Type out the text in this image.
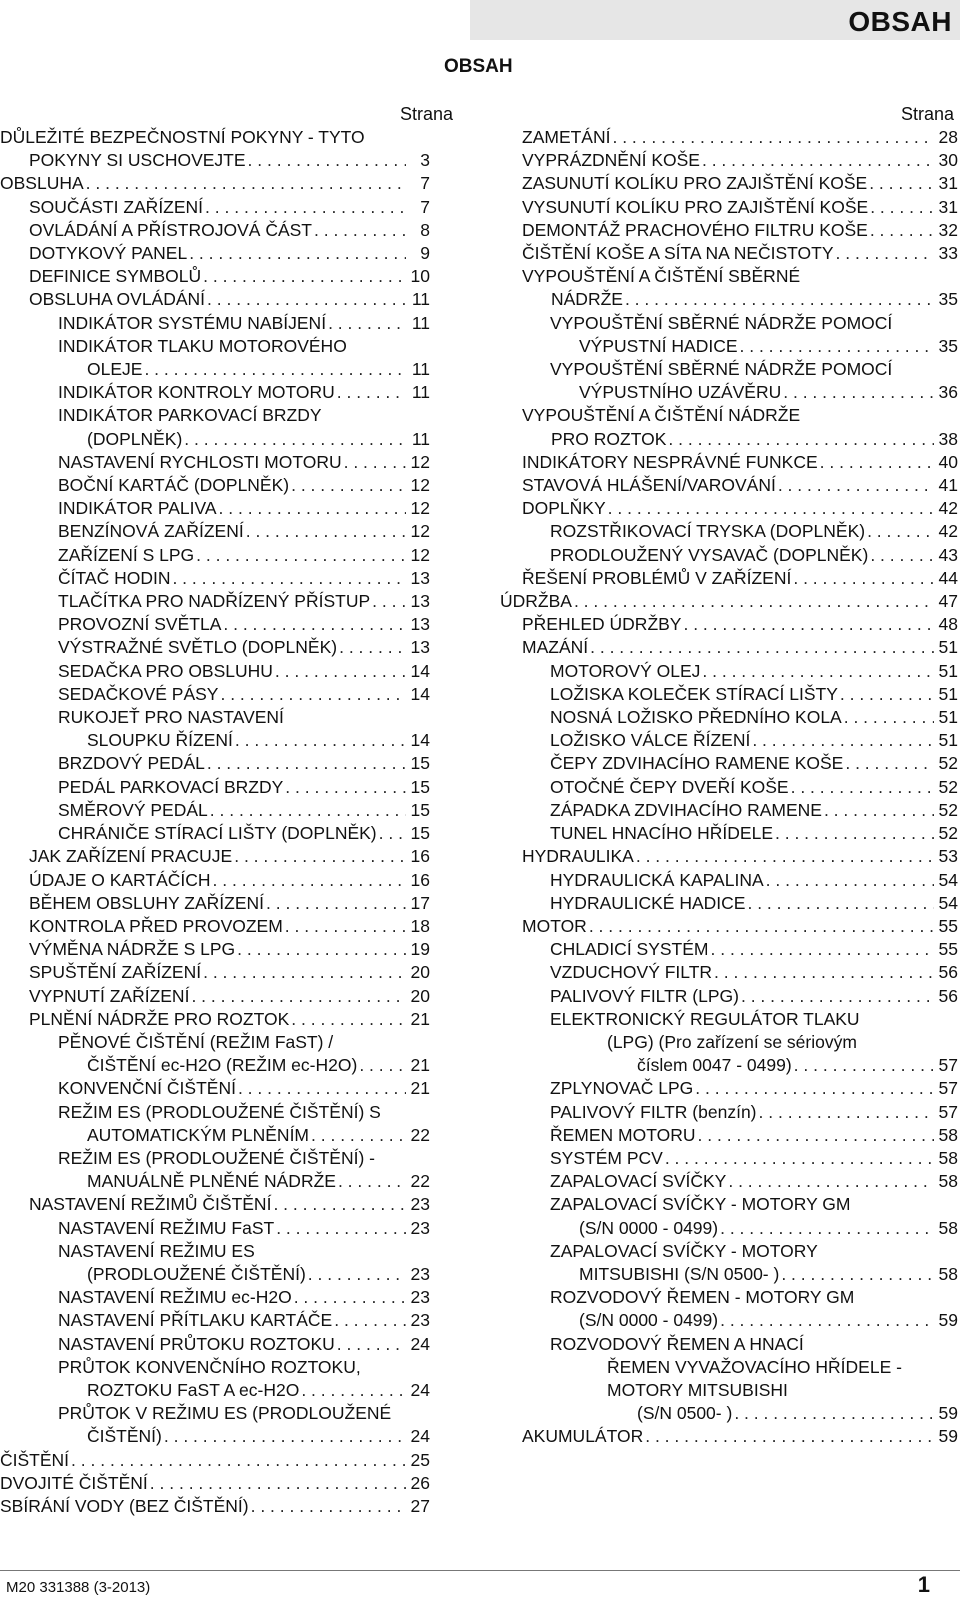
OBSAH
OBSAH
Strana
DŮLEŽITÉ BEZPEČNOSTNÍ POKYNY - TYTO
POKYNY SI USCHOVEJTE . . .	3
OBSLUHA . . .	7
SOUČÁSTI ZAŘÍZENÍ . . .	7
OVLÁDÁNÍ A PŘÍSTROJOVÁ ČÁST . . .	8
DOTYKOVÝ PANEL . . .	9
DEFINICE SYMBOLŮ . . .	10
OBSLUHA OVLÁDÁNÍ . . .	11
INDIKÁTOR SYSTÉMU NABÍJENÍ . . .	11
INDIKÁTOR TLAKU MOTOROVÉHO
OLEJE . . .	11
INDIKÁTOR KONTROLY MOTORU . . .	11
INDIKÁTOR PARKOVACÍ BRZDY
(DOPLNĚK) . . .	11
NASTAVENÍ RYCHLOSTI MOTORU . . .	12
BOČNÍ KARTÁČ (DOPLNĚK) . . .	12
INDIKÁTOR PALIVA . . .	12
BENZÍNOVÁ ZAŘÍZENÍ . . .	12
ZAŘÍZENÍ S LPG . . .	12
ČÍTAČ HODIN . . .	13
TLAČÍTKA PRO NADŘÍZENÝ PŘÍSTUP . . . 13
PROVOZNÍ SVĚTLA . . .	13
VÝSTRAŽNÉ SVĚTLO (DOPLNĚK) . . .	13
SEDAČKA PRO OBSLUHU . . .	14
SEDAČKOVÉ PÁSY . . .	14
RUKOJEŤ PRO NASTAVENÍ
SLOUPKU ŘÍZENÍ . . .	14
BRZDOVÝ PEDÁL . . .	15
PEDÁL PARKOVACÍ BRZDY . . .	15
SMĚROVÝ PEDÁL . . .	15
CHRÁNIČE STÍRACÍ LIŠTY (DOPLNĚK) . . . 15
JAK ZAŘÍZENÍ PRACUJE . . .	16
ÚDAJE O KARTÁČÍCH . . .	16
BĚHEM OBSLUHY ZAŘÍZENÍ . . .	17
KONTROLA PŘED PROVOZEM . . .	18
VÝMĚNA NÁDRŽE S LPG . . .	19
SPUŠTĚNÍ ZAŘÍZENÍ . . .	20
VYPNUTÍ ZAŘÍZENÍ . . .	20
PLNĚNÍ NÁDRŽE PRO ROZTOK . . .	21
PĚNOVÉ ČIŠTĚNÍ (REŽIM FaST) /
ČIŠTĚNÍ ec-H2O (REŽIM ec-H2O) . . .	21
KONVENČNÍ ČIŠTĚNÍ . . .	21
REŽIM ES (PRODLOUŽENÉ ČIŠTĚNÍ) S
AUTOMATICKÝM PLNĚNÍM . . .	22
REŽIM ES (PRODLOUŽENÉ ČIŠTĚNÍ) -
MANUÁLNĚ PLNĚNÉ NÁDRŽE . . .	22
NASTAVENÍ REŽIMŮ ČIŠTĚNÍ . . .	23
NASTAVENÍ REŽIMU FaST . . .	23
NASTAVENÍ REŽIMU ES
(PRODLOUŽENÉ ČIŠTĚNÍ) . . .	23
NASTAVENÍ REŽIMU ec-H2O . . .	23
NASTAVENÍ PŘÍTLAKU KARTÁČE . . .	23
NASTAVENÍ PRŮTOKU ROZTOKU . . .	24
PRŮTOK KONVENČNÍHO ROZTOKU,
ROZTOKU FaST A ec-H2O . . .	24
PRŮTOK V REŽIMU ES (PRODLOUŽENÉ
ČIŠTĚNÍ) . . .	24
ČIŠTĚNÍ . . .	25
DVOJITÉ ČIŠTĚNÍ . . .	26
SBÍRÁNÍ VODY (BEZ ČIŠTĚNÍ) . . .	27
Strana
ZAMETÁNÍ . . .	28
VYPRÁZDNĚNÍ KOŠE . . .	30
ZASUNUTÍ KOLÍKU PRO ZAJIŠTĚNÍ KOŠE . . .	31
VYSUNUTÍ KOLÍKU PRO ZAJIŠTĚNÍ KOŠE . . .	31
DEMONTÁŽ PRACHOVÉHO FILTRU KOŠE . . .	32
ČIŠTĚNÍ KOŠE A SÍTA NA NEČISTOTY . . .	33
VYPOUŠTĚNÍ A ČIŠTĚNÍ SBĚRNÉ
NÁDRŽE . . .	35
VYPOUŠTĚNÍ SBĚRNÉ NÁDRŽE POMOCÍ
VÝPUSTNÍ HADICE . . .	35
VYPOUŠTĚNÍ SBĚRNÉ NÁDRŽE POMOCÍ
VÝPUSTNÍHO UZÁVĚRU . . .	36
VYPOUŠTĚNÍ A ČIŠTĚNÍ NÁDRŽE
PRO ROZTOK . . .	38
INDIKÁTORY NESPRÁVNÉ FUNKCE . . .	40
STAVOVÁ HLÁŠENÍ/VAROVÁNÍ . . .	41
DOPLŇKY . . .	42
ROZSTŘIKOVACÍ TRYSKA (DOPLNĚK) . . .	42
PRODLOUŽENÝ VYSAVAČ (DOPLNĚK) . . .	43
ŘEŠENÍ PROBLÉMŮ V ZAŘÍZENÍ . . .	44
ÚDRŽBA . . .	47
PŘEHLED ÚDRŽBY . . .	48
MAZÁNÍ . . .	51
MOTOROVÝ OLEJ . . .	51
LOŽISKA KOLEČEK STÍRACÍ LIŠTY . . .	51
NOSNÁ LOŽISKO PŘEDNÍHO KOLA . . .	51
LOŽISKO VÁLCE ŘÍZENÍ . . .	51
ČEPY ZDVIHACÍHO RAMENE KOŠE . . .	52
OTOČNÉ ČEPY DVEŘÍ KOŠE . . .	52
ZÁPADKA ZDVIHACÍHO RAMENE . . .	52
TUNEL HNACÍHO HŘÍDELE . . .	52
HYDRAULIKA . . .	53
HYDRAULICKÁ KAPALINA . . .	54
HYDRAULICKÉ HADICE . . .	54
MOTOR . . .	55
CHLADICÍ SYSTÉM . . .	55
VZDUCHOVÝ FILTR . . .	56
PALIVOVÝ FILTR (LPG) . . .	56
ELEKTRONICKÝ REGULÁTOR TLAKU
(LPG) (Pro zařízení se sériovým
číslem 0047 - 0499) . . .	57
ZPLYNOVAČ LPG . . .	57
PALIVOVÝ FILTR (benzín) . . .	57
ŘEMEN MOTORU . . .	58
SYSTÉM PCV . . .	58
ZAPALOVACÍ SVÍČKY . . .	58
ZAPALOVACÍ SVÍČKY - MOTORY GM
(S/N 0000 - 0499) . . .	58
ZAPALOVACÍ SVÍČKY - MOTORY
MITSUBISHI (S/N 0500- ) . . .	58
ROZVODOVÝ ŘEMEN - MOTORY GM
(S/N 0000 - 0499) . . .	59
ROZVODOVÝ ŘEMEN A HNACÍ
ŘEMEN VYVAŽOVACÍHO HŘÍDELE -
MOTORY MITSUBISHI
(S/N 0500- ) . . .	59
AKUMULÁTOR . . .	59
M20 331388 (3-2013)	1
